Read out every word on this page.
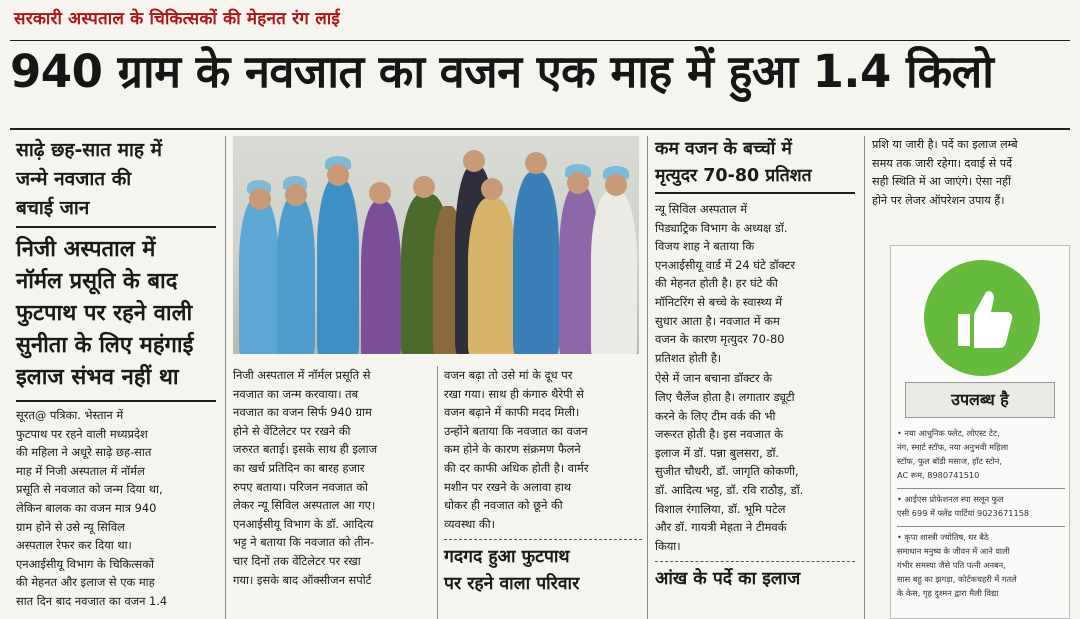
सरकारी अस्पताल के चिकित्सकों की मेहनत रंग लाई
940 ग्राम के नवजात का वजन एक माह में हुआ 1.4 किलो
साढ़े छह-सात माह में
जन्मे नवजात की
बचाई जान
निजी अस्पताल में
नॉर्मल प्रसूति के बाद
फुटपाथ पर रहने वाली
सुनीता के लिए महंगाई
इलाज संभव नहीं था
सूरत@ पत्रिका. भेस्तान में
फुटपाथ पर रहने वाली मध्यप्रदेश
की महिला ने अधूरे साढ़े छह-सात
माह में निजी अस्पताल में नॉर्मल
प्रसूति से नवजात को जन्म दिया था,
लेकिन बालक का वजन मात्र 940
ग्राम होने से उसे न्यू सिविल
अस्पताल रेफर कर दिया था।
एनआईसीयू विभाग के चिकित्सकों
की मेहनत और इलाज से एक माह
सात दिन बाद नवजात का वजन 1.4
निजी अस्पताल में नॉर्मल प्रसूति से
नवजात का जन्म करवाया। तब
नवजात का वजन सिर्फ 940 ग्राम
होने से वेंटिलेटर पर रखने की
जरुरत बताई। इसके साथ ही इलाज
का खर्च प्रतिदिन का बारह हजार
रुपए बताया। परिजन नवजात को
लेकर न्यू सिविल अस्पताल आ गए।
एनआईसीयू विभाग के डॉ. आदित्य
भट्ट ने बताया कि नवजात को तीन-
चार दिनों तक वेंटिलेटर पर रखा
गया। इसके बाद ऑक्सीजन सपोर्ट
वजन बढ़ा तो उसे मां के दूध पर
रखा गया। साथ ही कंगारु थैरेपी से
वजन बढ़ाने में काफी मदद मिली।
उन्होंने बताया कि नवजात का वजन
कम होने के कारण संक्रमण फैलने
की दर काफी अधिक होती है। वार्मर
मशीन पर रखने के अलावा हाथ
धोकर ही नवजात को छूने की
व्यवस्था की।
गदगद हुआ फुटपाथ
पर रहने वाला परिवार
कम वजन के बच्चों में
मृत्युदर 70-80 प्रतिशत
न्यू सिविल अस्पताल में
पिड्याट्रिक विभाग के अध्यक्ष डॉ.
विजय शाह ने बताया कि
एनआईसीयू वार्ड में 24 घंटे डॉक्टर
की मेहनत होती है। हर घंटे की
मॉनिटरिंग से बच्चे के स्वास्थ्य में
सुधार आता है। नवजात में कम
वजन के कारण मृत्युदर 70-80
प्रतिशत होती है।
ऐसे में जान बचाना डॉक्टर के
लिए चैलेंज होता है। लगातार ड्यूटी
करने के लिए टीम वर्क की भी
जरूरत होती है। इस नवजात के
इलाज में डॉ. पन्ना बुलसरा, डॉ.
सुजीत चौधरी, डॉ. जागृति कोकणी,
डॉ. आदित्य भट्ट, डॉ. रवि राठौड़, डॉ.
विशाल रंगालिया, डॉ. भूमि पटेल
और डॉ. गायत्री मेहता ने टीमवर्क
किया।
आंख के पर्दे का इलाज
प्रशि या जारी है। पर्दे का इलाज लम्बे
समय तक जारी रहेगा। दवाई से पर्दे
सही स्थिति में आ जाएंगे। ऐसा नहीं
होने पर लेजर ऑपरेशन उपाय हैं।
उपलब्ध है
• नया आधुनिक फ्लेट, लोएस्ट टेट,
नंग, स्मार्ट स्टॉफ, नया अनुभवी महिला
स्टॉफ, फुल बॉडी मसाज, हॉट स्टोन,
AC रूम, 8980741510
• आईएस प्रोफेशनल स्पा सलून फुल
एसी 699 में फ्लेंड पार्टियां 9023671158
• कृपा शास्त्री ज्योतिष, घर बैठे
समाधान मनुष्य के जीवन में आने वाली
गंभीर समस्या जैसे पति पत्नी अनबन,
सास बहु का झगड़ा, कोर्टकचहरी में गतले
के केस, गृह दुश्मन द्वारा मैली विद्या
